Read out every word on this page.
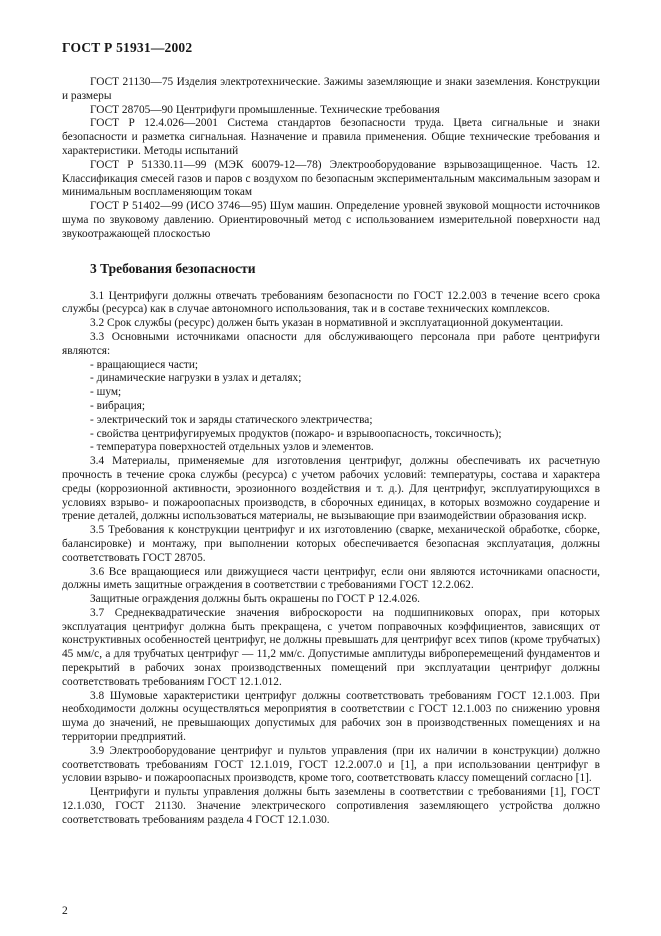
ГОСТ Р 51931—2002

ГОСТ 21130—75 Изделия электротехнические. Зажимы заземляющие и знаки заземления. Конструкции и размеры

ГОСТ 28705—90 Центрифуги промышленные. Технические требования

ГОСТ Р 12.4.026—2001 Система стандартов безопасности труда. Цвета сигнальные и знаки безопасности и разметка сигнальная. Назначение и правила применения. Общие технические требования и характеристики. Методы испытаний

ГОСТ Р 51330.11—99 (МЭК 60079-12—78) Электрооборудование взрывозащищенное. Часть 12. Классификация смесей газов и паров с воздухом по безопасным экспериментальным максимальным зазорам и минимальным воспламеняющим токам

ГОСТ Р 51402—99 (ИСО 3746—95) Шум машин. Определение уровней звуковой мощности источников шума по звуковому давлению. Ориентировочный метод с использованием измерительной поверхности над звукоотражающей плоскостью

3 Требования безопасности

3.1 Центрифуги должны отвечать требованиям безопасности по ГОСТ 12.2.003 в течение всего срока службы (ресурса) как в случае автономного использования, так и в составе технических комплексов.

3.2 Срок службы (ресурс) должен быть указан в нормативной и эксплуатационной документации.

3.3 Основными источниками опасности для обслуживающего персонала при работе центрифуги являются:

- вращающиеся части;

- динамические нагрузки в узлах и деталях;

- шум;

- вибрация;

- электрический ток и заряды статического электричества;

- свойства центрифугируемых продуктов (пожаро- и взрывоопасность, токсичность);

- температура поверхностей отдельных узлов и элементов.

3.4 Материалы, применяемые для изготовления центрифуг, должны обеспечивать их расчетную прочность в течение срока службы (ресурса) с учетом рабочих условий: температуры, состава и характера среды (коррозионной активности, эрозионного воздействия и т. д.). Для центрифуг, эксплуатирующихся в условиях взрыво- и пожароопасных производств, в сборочных единицах, в которых возможно соударение и трение деталей, должны использоваться материалы, не вызывающие при взаимодействии образования искр.

3.5 Требования к конструкции центрифуг и их изготовлению (сварке, механической обработке, сборке, балансировке) и монтажу, при выполнении которых обеспечивается безопасная эксплуатация, должны соответствовать ГОСТ 28705.

3.6 Все вращающиеся или движущиеся части центрифуг, если они являются источниками опасности, должны иметь защитные ограждения в соответствии с требованиями ГОСТ 12.2.062.

Защитные ограждения должны быть окрашены по ГОСТ Р 12.4.026.

3.7 Среднеквадратические значения виброскорости на подшипниковых опорах, при которых эксплуатация центрифуг должна быть прекращена, с учетом поправочных коэффициентов, зависящих от конструктивных особенностей центрифуг, не должны превышать для центрифуг всех типов (кроме трубчатых) 45 мм/с, а для трубчатых центрифуг — 11,2 мм/с. Допустимые амплитуды виброперемещений фундаментов и перекрытий в рабочих зонах производственных помещений при эксплуатации центрифуг должны соответствовать требованиям ГОСТ 12.1.012.

3.8 Шумовые характеристики центрифуг должны соответствовать требованиям ГОСТ 12.1.003. При необходимости должны осуществляться мероприятия в соответствии с ГОСТ 12.1.003 по снижению уровня шума до значений, не превышающих допустимых для рабочих зон в производственных помещениях и на территории предприятий.

3.9 Электрооборудование центрифуг и пультов управления (при их наличии в конструкции) должно соответствовать требованиям ГОСТ 12.1.019, ГОСТ 12.2.007.0 и [1], а при использовании центрифуг в условии взрыво- и пожароопасных производств, кроме того, соответствовать классу помещений согласно [1].

Центрифуги и пульты управления должны быть заземлены в соответствии с требованиями [1], ГОСТ 12.1.030, ГОСТ 21130. Значение электрического сопротивления заземляющего устройства должно соответствовать требованиям раздела 4 ГОСТ 12.1.030.

2
